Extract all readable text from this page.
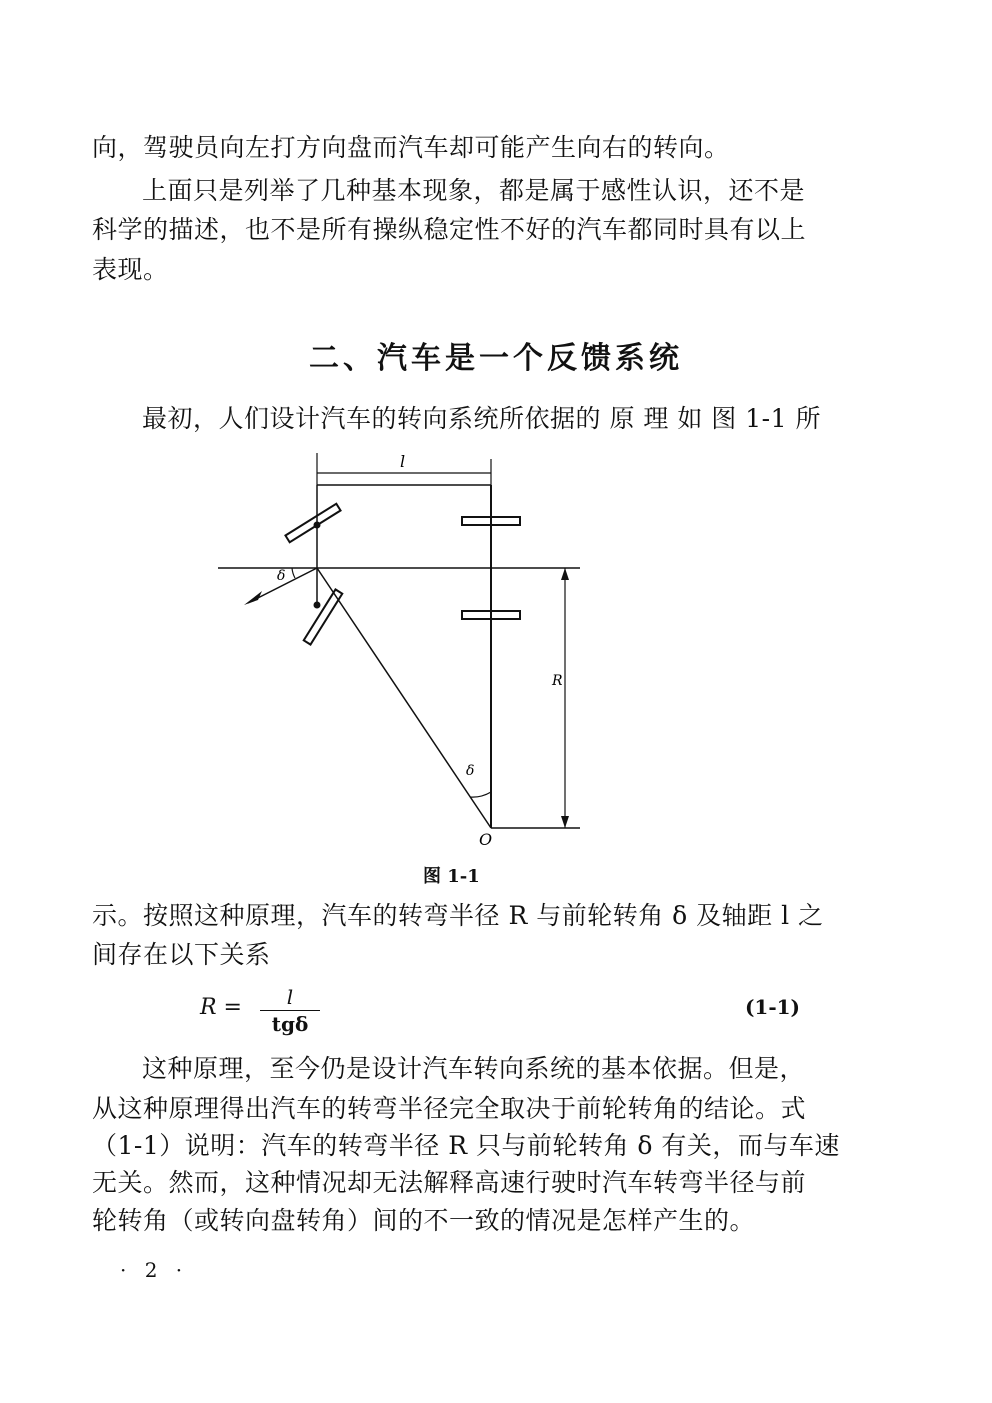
向，驾驶员向左打方向盘而汽车却可能产生向右的转向。
上面只是列举了几种基本现象，都是属于感性认识，还不是
科学的描述，也不是所有操纵稳定性不好的汽车都同时具有以上
表现。
二、汽车是一个反馈系统
最初，人们设计汽车的转向系统所依据的 原 理 如 图 1-1 所
l
δ
δ
R
O
图 1-1
示。按照这种原理，汽车的转弯半径 R 与前轮转角 δ 及轴距 l 之
间存在以下关系
R =	l
tgδ
(1-1)
这种原理，至今仍是设计汽车转向系统的基本依据。但是，
从这种原理得出汽车的转弯半径完全取决于前轮转角的结论。式
（1-1）说明：汽车的转弯半径 R 只与前轮转角 δ 有关，而与车速
无关。然而，这种情况却无法解释高速行驶时汽车转弯半径与前
轮转角（或转向盘转角）间的不一致的情况是怎样产生的。
· 2 ·
